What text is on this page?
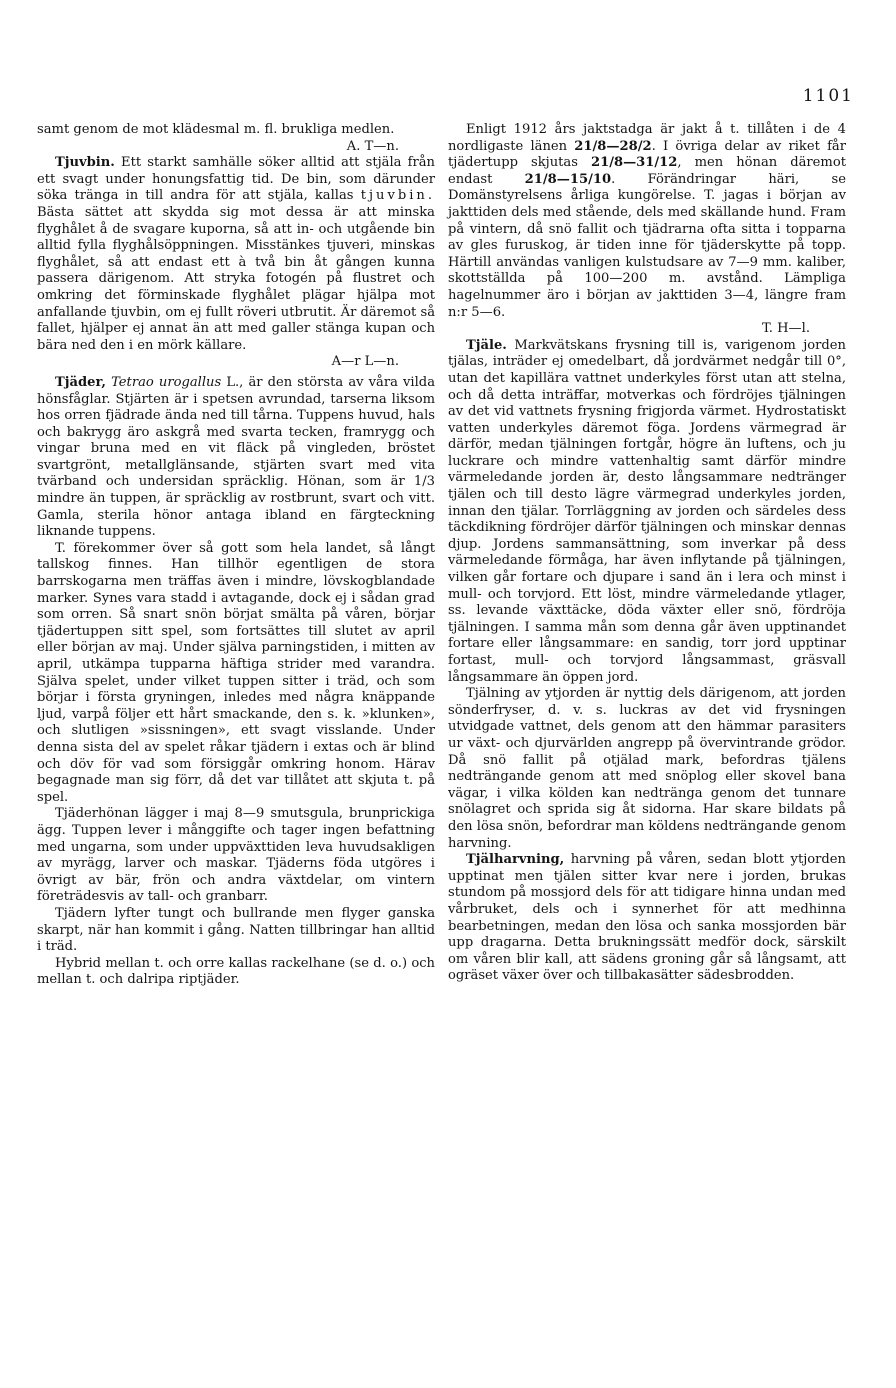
1101

samt genom de mot klädesmal m. fl. brukliga medlen.
A. T—n.

Tjuvbin. Ett starkt samhälle söker alltid att stjäla från ett svagt under honungsfattig tid. De bin, som därunder söka tränga in till andra för att stjäla, kallas tjuvbin. Bästa sättet att skydda sig mot dessa är att minska flyghålet å de svagare kuporna, så att in- och utgående bin alltid fylla flyghålsöppningen. Misstänkes tjuveri, minskas flyghålet, så att endast ett à två bin åt gången kunna passera därigenom. Att stryka fotogén på flustret och omkring det förminskade flyghålet plägar hjälpa mot anfallande tjuvbin, om ej fullt röveri utbrutit. Är däremot så fallet, hjälper ej annat än att med galler stänga kupan och bära ned den i en mörk källare.
A—r L—n.

Tjäder, Tetrao urogallus L., är den största av våra vilda hönsfåglar. Stjärten är i spetsen avrundad, tarserna liksom hos orren fjädrade ända ned till tårna. Tuppens huvud, hals och bakrygg äro askgrå med svarta tecken, framrygg och vingar bruna med en vit fläck på vingleden, bröstet svartgrönt, metallglänsande, stjärten svart med vita tvärband och undersidan spräcklig. Hönan, som är 1/3 mindre än tuppen, är spräcklig av rostbrunt, svart och vitt. Gamla, sterila hönor antaga ibland en färgteckning liknande tuppens.

T. förekommer över så gott som hela landet, så långt tallskog finnes. Han tillhör egentligen de stora barrskogarna men träffas även i mindre, lövskogblandade marker. Synes vara stadd i avtagande, dock ej i sådan grad som orren. Så snart snön börjat smälta på våren, börjar tjädertuppen sitt spel, som fortsättes till slutet av april eller början av maj. Under själva parningstiden, i mitten av april, utkämpa tupparna häftiga strider med varandra. Själva spelet, under vilket tuppen sitter i träd, och som börjar i första gryningen, inledes med några knäppande ljud, varpå följer ett hårt smackande, den s. k. »klunken», och slutligen »sissningen», ett svagt visslande. Under denna sista del av spelet råkar tjädern i extas och är blind och döv för vad som försiggår omkring honom. Härav begagnade man sig förr, då det var tillåtet att skjuta t. på spel.

Tjäderhönan lägger i maj 8—9 smutsgula, brunprickiga ägg. Tuppen lever i månggifte och tager ingen befattning med ungarna, som under uppväxttiden leva huvudsakligen av myrägg, larver och maskar. Tjäderns föda utgöres i övrigt av bär, frön och andra växtdelar, om vintern företrädesvis av tall- och granbarr.

Tjädern lyfter tungt och bullrande men flyger ganska skarpt, när han kommit i gång. Natten tillbringar han alltid i träd.

Hybrid mellan t. och orre kallas rackelhane (se d. o.) och mellan t. och dalripa riptjäder.

Enligt 1912 års jaktstadga är jakt å t. tillåten i de 4 nordligaste länen 21/8—28/2. I övriga delar av riket får tjädertupp skjutas 21/8—31/12, men hönan däremot endast 21/8—15/10. Förändringar häri, se Domänstyrelsens årliga kungörelse. T. jagas i början av jakttiden dels med stående, dels med skällande hund. Fram på vintern, då snö fallit och tjädrarna ofta sitta i topparna av gles furuskog, är tiden inne för tjäderskytte på topp. Härtill användas vanligen kulstudsare av 7—9 mm. kaliber, skottställda på 100—200 m. avstånd. Lämpliga hagelnummer äro i början av jakttiden 3—4, längre fram n:r 5—6.
T. H—l.

Tjäle. Markvätskans frysning till is, varigenom jorden tjälas, inträder ej omedelbart, då jordvärmet nedgår till 0°, utan det kapillära vattnet underkyles först utan att stelna, och då detta inträffar, motverkas och fördröjes tjälningen av det vid vattnets frysning frigjorda värmet. Hydrostatiskt vatten underkyles däremot föga. Jordens värmegrad är därför, medan tjälningen fortgår, högre än luftens, och ju luckrare och mindre vattenhaltig samt därför mindre värmeledande jorden är, desto långsammare nedtränger tjälen och till desto lägre värmegrad underkyles jorden, innan den tjälar. Torrläggning av jorden och särdeles dess täckdikning fördröjer därför tjälningen och minskar dennas djup. Jordens sammansättning, som inverkar på dess värmeledande förmåga, har även inflytande på tjälningen, vilken går fortare och djupare i sand än i lera och minst i mull- och torvjord. Ett löst, mindre värmeledande ytlager, ss. levande växttäcke, döda växter eller snö, fördröja tjälningen. I samma mån som denna går även upptinandet fortare eller långsammare: en sandig, torr jord upptinar fortast, mull- och torvjord långsammast, gräsvall långsammare än öppen jord.

Tjälning av ytjorden är nyttig dels därigenom, att jorden sönderfryser, d. v. s. luckras av det vid frysningen utvidgade vattnet, dels genom att den hämmar parasiters ur växt- och djurvärlden angrepp på övervintrande grödor. Då snö fallit på otjälad mark, befordras tjälens nedträngande genom att med snöplog eller skovel bana vägar, i vilka kölden kan nedtränga genom det tunnare snölagret och sprida sig åt sidorna. Har skare bildats på den lösa snön, befordrar man köldens nedträngande genom harvning.

Tjälharvning, harvning på våren, sedan blott ytjorden upptinat men tjälen sitter kvar nere i jorden, brukas stundom på mossjord dels för att tidigare hinna undan med vårbruket, dels och i synnerhet för att medhinna bearbetningen, medan den lösa och sanka mossjorden bär upp dragarna. Detta brukningssätt medför dock, särskilt om våren blir kall, att sädens groning går så långsamt, att ogräset växer över och tillbakasätter sädesbrodden.
